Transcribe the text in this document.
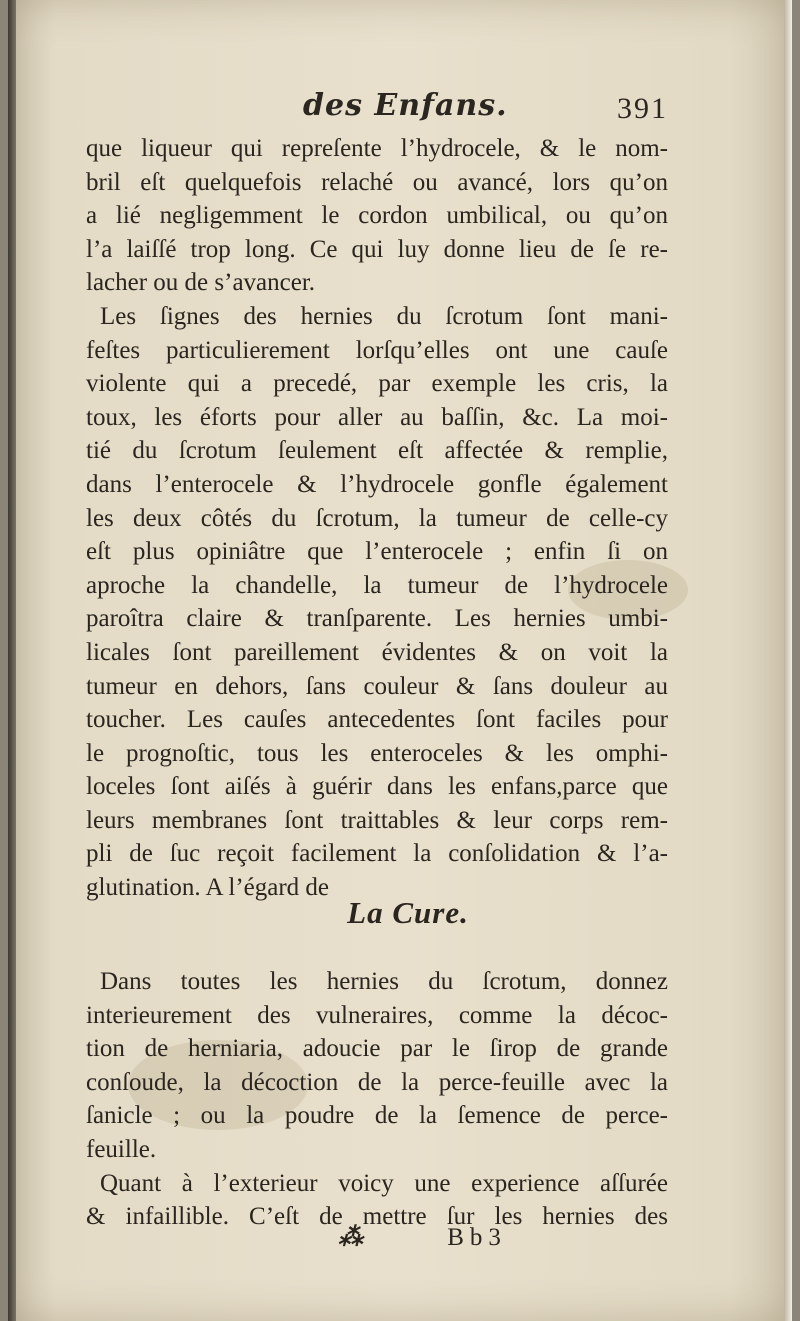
des Enfans.	391
que liqueur qui repreſente l’hydrocele, & le nom-
bril eſt quelquefois relaché ou avancé, lors qu’on
a lié negligemment le cordon umbilical, ou qu’on
l’a laiſſé trop long. Ce qui luy donne lieu de ſe re-
lacher ou de s’avancer.
Les ſignes des hernies du ſcrotum ſont mani-
feſtes particulierement lorſqu’elles ont une cauſe
violente qui a precedé, par exemple les cris, la
toux, les éforts pour aller au baſſin, &c. La moi-
tié du ſcrotum ſeulement eſt affectée & remplie,
dans l’enterocele & l’hydrocele gonfle également
les deux côtés du ſcrotum, la tumeur de celle-cy
eſt plus opiniâtre que l’enterocele ; enfin ſi on
aproche la chandelle, la tumeur de l’hydrocele
paroîtra claire & tranſparente. Les hernies umbi-
licales ſont pareillement évidentes & on voit la
tumeur en dehors, ſans couleur & ſans douleur au
toucher. Les cauſes antecedentes ſont faciles pour
le prognoſtic, tous les enteroceles & les omphi-
loceles ſont aiſés à guérir dans les enfans,parce que
leurs membranes ſont traittables & leur corps rem-
pli de ſuc reçoit facilement la conſolidation & l’a-
glutination. A l’égard de
La Cure.
Dans toutes les hernies du ſcrotum, donnez
interieurement des vulneraires, comme la décoc-
tion de herniaria, adoucie par le ſirop de grande
conſoude, la décoction de la perce-feuille avec la
ſanicle ; ou la poudre de la ſemence de perce-
feuille.
Quant à l’exterieur voicy une experience aſſurée
& infaillible. C’eſt de mettre ſur les hernies des
⁂	Bb3
